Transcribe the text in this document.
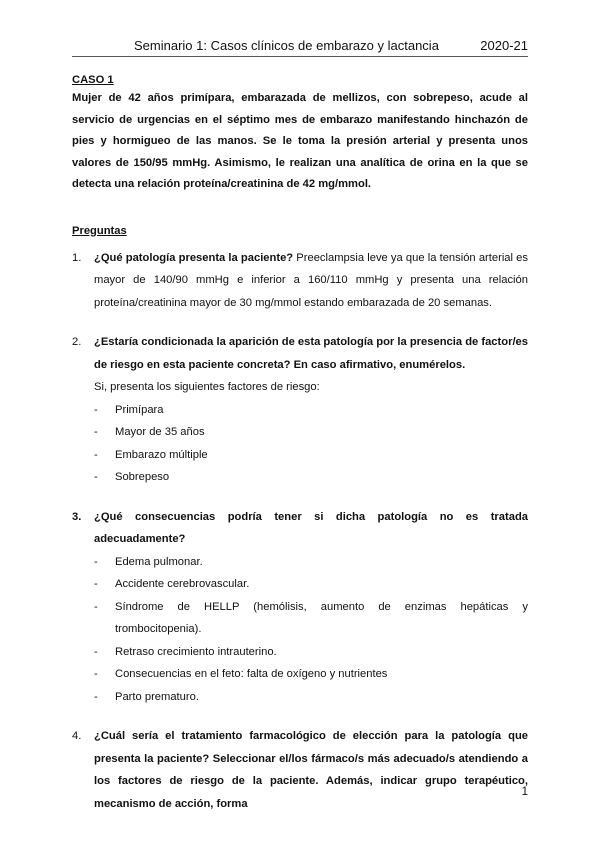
Seminario 1: Casos clínicos de embarazo y lactancia	2020-21
CASO 1

Mujer de 42 años primípara, embarazada de mellizos, con sobrepeso, acude al servicio de urgencias en el séptimo mes de embarazo manifestando hinchazón de pies y hormigueo de las manos. Se le toma la presión arterial y presenta unos valores de 150/95 mmHg. Asimismo, le realizan una analítica de orina en la que se detecta una relación proteína/creatinina de 42 mg/mmol.

Preguntas
1. ¿Qué patología presenta la paciente? Preeclampsia leve ya que la tensión arterial es mayor de 140/90 mmHg e inferior a 160/110 mmHg y presenta una relación proteína/creatinina mayor de 30 mg/mmol estando embarazada de 20 semanas.
2. ¿Estaría condicionada la aparición de esta patología por la presencia de factor/es de riesgo en esta paciente concreta? En caso afirmativo, enumérelos.
Si, presenta los siguientes factores de riesgo:
- Primípara
- Mayor de 35 años
- Embarazo múltiple
- Sobrepeso
3. ¿Qué consecuencias podría tener si dicha patología no es tratada adecuadamente?
- Edema pulmonar.
- Accidente cerebrovascular.
- Síndrome de HELLP (hemólisis, aumento de enzimas hepáticas y trombocitopenia).
- Retraso crecimiento intrauterino.
- Consecuencias en el feto: falta de oxígeno y nutrientes
- Parto prematuro.
4. ¿Cuál sería el tratamiento farmacológico de elección para la patología que presenta la paciente? Seleccionar el/los fármaco/s más adecuado/s atendiendo a los factores de riesgo de la paciente. Además, indicar grupo terapéutico, mecanismo de acción, forma
1
